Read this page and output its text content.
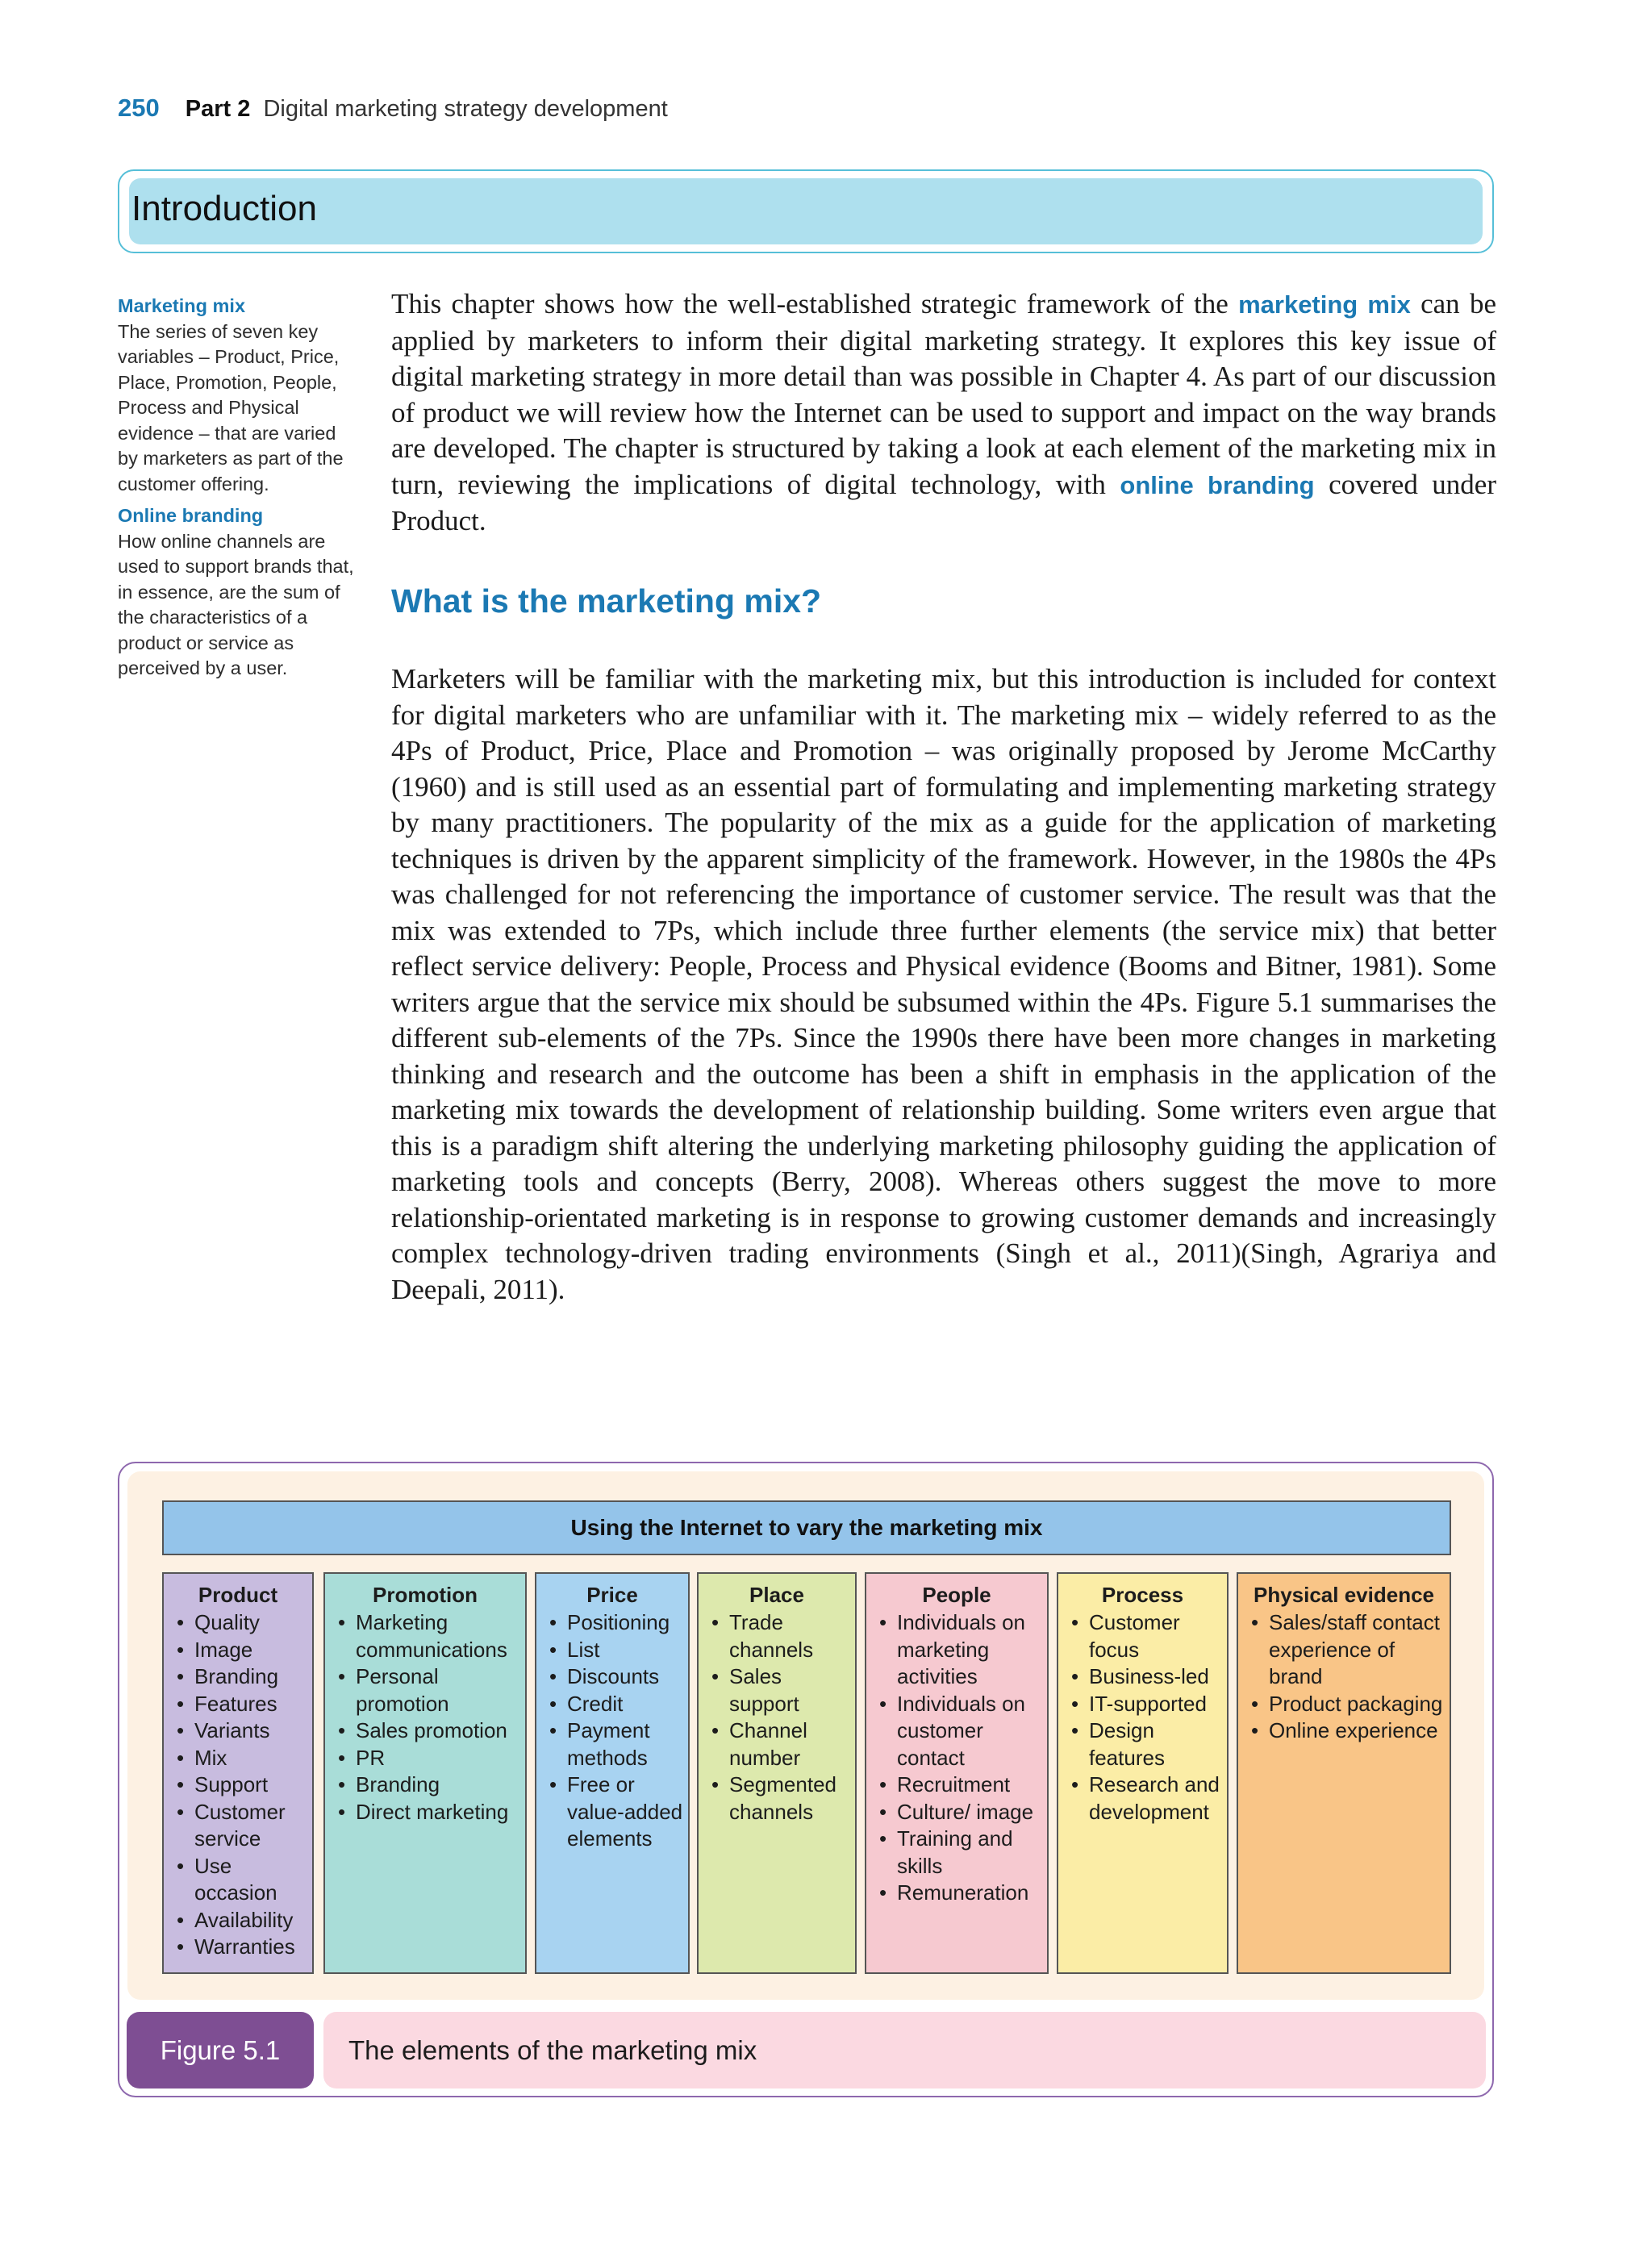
250 Part 2 Digital marketing strategy development
Introduction
Marketing mix
The series of seven key variables – Product, Price, Place, Promotion, People, Process and Physical evidence – that are varied by marketers as part of the customer offering.
Online branding
How online channels are used to support brands that, in essence, are the sum of the characteristics of a product or service as perceived by a user.
This chapter shows how the well-established strategic framework of the marketing mix can be applied by marketers to inform their digital marketing strategy. It explores this key issue of digital marketing strategy in more detail than was possible in Chapter 4. As part of our discussion of product we will review how the Internet can be used to support and impact on the way brands are developed. The chapter is structured by taking a look at each element of the marketing mix in turn, reviewing the implications of digital technology, with online branding covered under Product.
What is the marketing mix?
Marketers will be familiar with the marketing mix, but this introduction is included for context for digital marketers who are unfamiliar with it. The marketing mix – widely referred to as the 4Ps of Product, Price, Place and Promotion – was originally proposed by Jerome McCarthy (1960) and is still used as an essential part of formulating and implementing marketing strategy by many practitioners. The popularity of the mix as a guide for the application of marketing techniques is driven by the apparent simplicity of the framework. However, in the 1980s the 4Ps was challenged for not referencing the importance of customer service. The result was that the mix was extended to 7Ps, which include three further elements (the service mix) that better reflect service delivery: People, Process and Physical evidence (Booms and Bitner, 1981). Some writers argue that the service mix should be subsumed within the 4Ps. Figure 5.1 summarises the different sub-elements of the 7Ps. Since the 1990s there have been more changes in marketing thinking and research and the outcome has been a shift in emphasis in the application of the marketing mix towards the development of relationship building. Some writers even argue that this is a paradigm shift altering the underlying marketing philosophy guiding the application of marketing tools and concepts (Berry, 2008). Whereas others suggest the move to more relationship-orientated marketing is in response to growing customer demands and increasingly complex technology-driven trading environments (Singh et al., 2011)(Singh, Agrariya and Deepali, 2011).
Using the Internet to vary the marketing mix
Product
• Quality
• Image
• Branding
• Features
• Variants
• Mix
• Support
• Customer service
• Use occasion
• Availability
• Warranties
Promotion
• Marketing communications
• Personal promotion
• Sales promotion
• PR
• Branding
• Direct marketing
Price
• Positioning
• List
• Discounts
• Credit
• Payment methods
• Free or value-added elements
Place
• Trade channels
• Sales support
• Channel number
• Segmented channels
People
• Individuals on marketing activities
• Individuals on customer contact
• Recruitment
• Culture/ image
• Training and skills
• Remuneration
Process
• Customer focus
• Business-led
• IT-supported
• Design features
• Research and development
Physical evidence
• Sales/staff contact experience of brand
• Product packaging
• Online experience
Figure 5.1	The elements of the marketing mix
